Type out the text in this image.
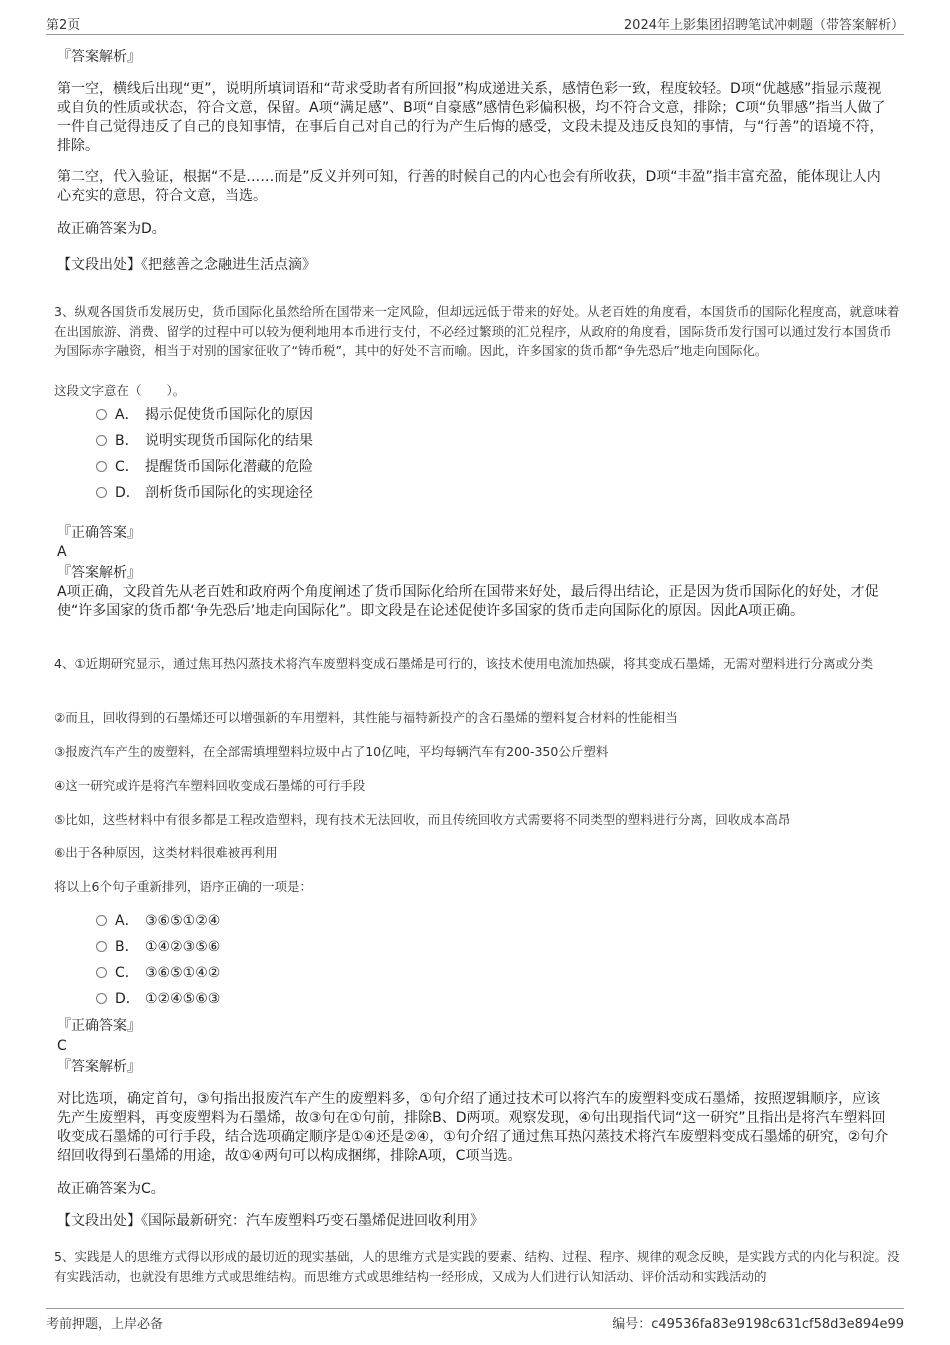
第2页	2024年上影集团招聘笔试冲刺题（带答案解析）

『答案解析』

第一空，横线后出现“更”，说明所填词语和“苛求受助者有所回报”构成递进关系，感情色彩一致，程度较轻。D项“优越感”指显示蔑视或自负的性质或状态，符合文意，保留。A项“满足感”、B项“自豪感”感情色彩偏积极，均不符合文意，排除；C项“负罪感”指当人做了一件自己觉得违反了自己的良知事情，在事后自己对自己的行为产生后悔的感受，文段未提及违反良知的事情，与“行善”的语境不符，排除。

第二空，代入验证，根据“不是……而是”反义并列可知，行善的时候自己的内心也会有所收获，D项“丰盈”指丰富充盈，能体现让人内心充实的意思，符合文意，当选。

故正确答案为D。

【文段出处】《把慈善之念融进生活点滴》

3、纵观各国货币发展历史，货币国际化虽然给所在国带来一定风险，但却远远低于带来的好处。从老百姓的角度看，本国货币的国际化程度高，就意味着在出国旅游、消费、留学的过程中可以较为便利地用本币进行支付，不必经过繁琐的汇兑程序，从政府的角度看，国际货币发行国可以通过发行本国货币为国际赤字融资，相当于对别的国家征收了“铸币税”，其中的好处不言而喻。因此，许多国家的货币都“争先恐后”地走向国际化。

这段文字意在（　　）。

A． 揭示促使货币国际化的原因
B． 说明实现货币国际化的结果
C． 提醒货币国际化潜藏的危险
D． 剖析货币国际化的实现途径

『正确答案』

A

『答案解析』

A项正确，文段首先从老百姓和政府两个角度阐述了货币国际化给所在国带来好处，最后得出结论，正是因为货币国际化的好处，才促使“许多国家的货币都‘争先恐后’地走向国际化”。即文段是在论述促使许多国家的货币走向国际化的原因。因此A项正确。

4、①近期研究显示，通过焦耳热闪蒸技术将汽车废塑料变成石墨烯是可行的，该技术使用电流加热碳，将其变成石墨烯，无需对塑料进行分离或分类

②而且，回收得到的石墨烯还可以增强新的车用塑料，其性能与福特新投产的含石墨烯的塑料复合材料的性能相当

③报废汽车产生的废塑料，在全部需填埋塑料垃圾中占了10亿吨，平均每辆汽车有200-350公斤塑料

④这一研究或许是将汽车塑料回收变成石墨烯的可行手段

⑤比如，这些材料中有很多都是工程改造塑料，现有技术无法回收，而且传统回收方式需要将不同类型的塑料进行分离，回收成本高昂

⑥出于各种原因，这类材料很难被再利用

将以上6个句子重新排列，语序正确的一项是：

A． ③⑥⑤①②④
B． ①④②③⑤⑥
C． ③⑥⑤①④②
D． ①②④⑤⑥③

『正确答案』

C

『答案解析』

对比选项，确定首句，③句指出报废汽车产生的废塑料多，①句介绍了通过技术可以将汽车的废塑料变成石墨烯，按照逻辑顺序，应该先产生废塑料，再变废塑料为石墨烯，故③句在①句前，排除B、D两项。观察发现，④句出现指代词“这一研究”且指出是将汽车塑料回收变成石墨烯的可行手段，结合选项确定顺序是①④还是②④，①句介绍了通过焦耳热闪蒸技术将汽车废塑料变成石墨烯的研究，②句介绍回收得到石墨烯的用途，故①④两句可以构成捆绑，排除A项，C项当选。

故正确答案为C。

【文段出处】《国际最新研究：汽车废塑料巧变石墨烯促进回收利用》

5、实践是人的思维方式得以形成的最切近的现实基础，人的思维方式是实践的要素、结构、过程、程序、规律的观念反映，是实践方式的内化与积淀。没有实践活动，也就没有思维方式或思维结构。而思维方式或思维结构一经形成，又成为人们进行认知活动、评价活动和实践活动的

考前押题，上岸必备	编号：c49536fa83e9198c631cf58d3e894e99
